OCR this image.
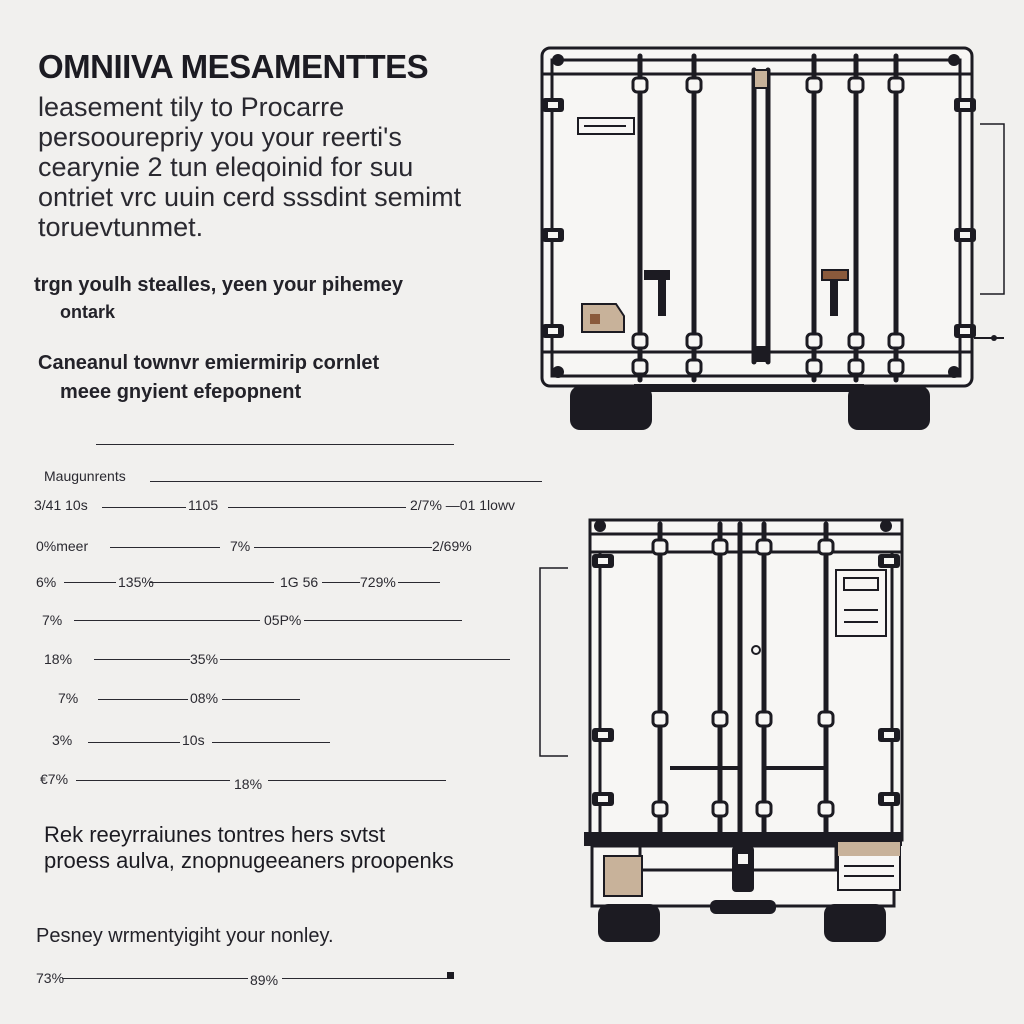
OMNIIVA MESAMENTTES
leasement tily to Procarre
persoourepriy you your reerti's
cearynie 2 tun eleqoinid for suu
ontriet vrc uuin cerd sssdint semimt
toruevtunmet.
trgn youlh stealles, yeen your pihemey
ontark
Caneanul townvr emiermirip cornlet
meee gnyient efepopnent
Maugunrents
3/41 10s	1105	2/7% —01 1lowv
0%meer	7%	2/69%
6%	135%	1G 56	729%
7%	05P%
18%	35%
7%	08%
3%	10s
€7%	18%
Rek reeyrraiunes tontres hers svtst
proess aulva, znopnugeeaners proopenks
Pesney wrmentyigiht your nonley.
73%	89%
